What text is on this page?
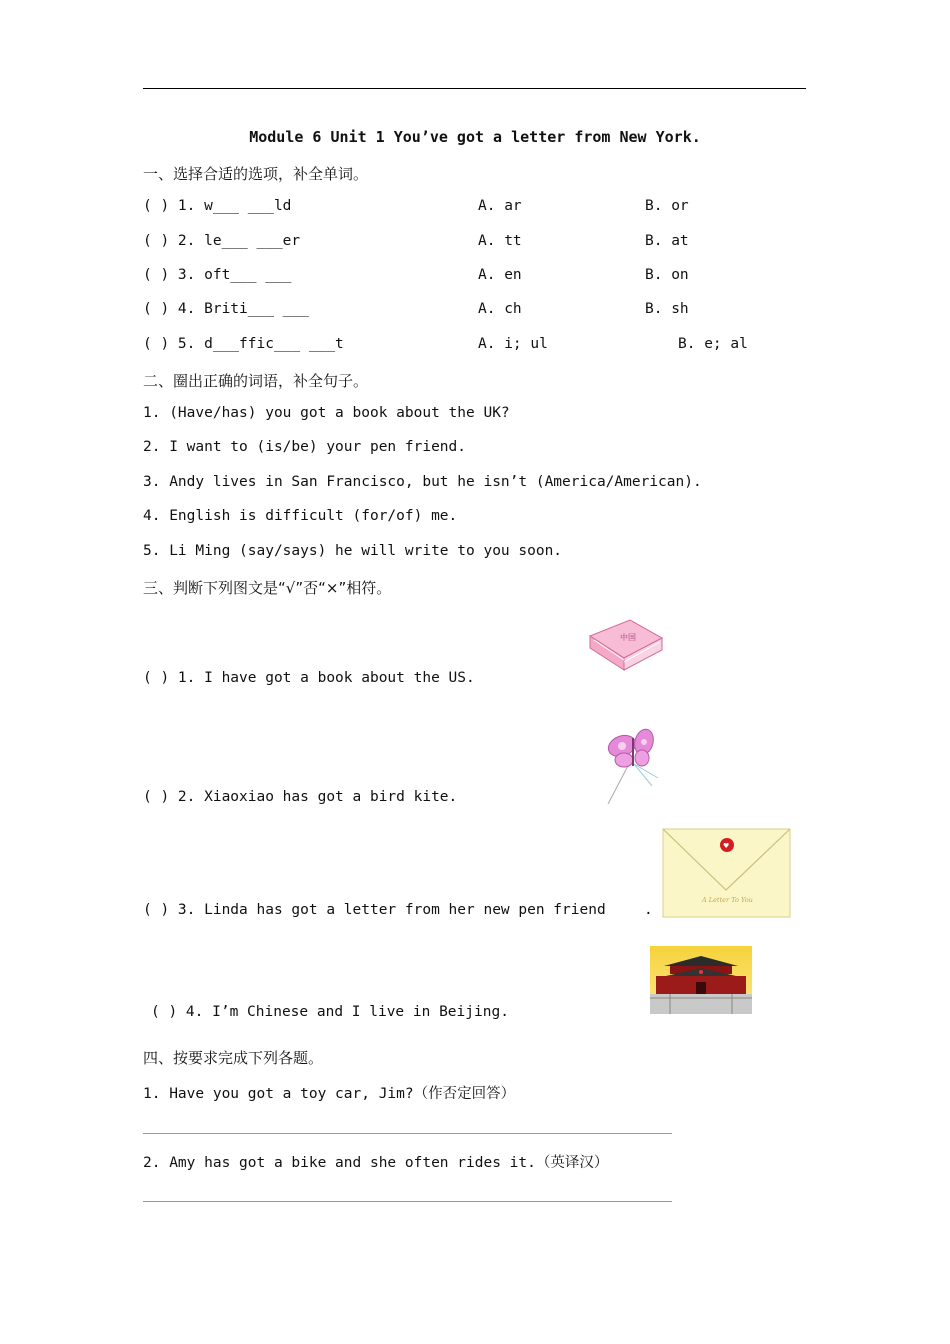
Module 6 Unit 1 You’ve got a letter from New York.
一、选择合适的选项，补全单词。
( ) 1. w___ ___ld	A. ar	B. or
( ) 2. le___ ___er	A. tt	B. at
( ) 3. oft___ ___	A. en	B. on
( ) 4. Briti___ ___	A. ch	B. sh
( ) 5. d___ffic___ ___t	A. i; ul	B. e; al
二、圈出正确的词语，补全句子。
1. (Have/has) you got a book about the UK?
2. I want to (is/be) your pen friend.
3. Andy lives in San Francisco, but he isn’t (America/American).
4. English is difficult (for/of) me.
5. Li Ming (say/says) he will write to you soon.
三、判断下列图文是“√”否“×”相符。
( ) 1. I have got a book about the US.
( ) 2. Xiaoxiao has got a bird kite.
( ) 3. Linda has got a letter from her new pen friend	.
( ) 4. I’m Chinese and I live in Beijing.
中国
♥
A Letter To You
四、按要求完成下列各题。
1. Have you got a toy car, Jim?（作否定回答）
2. Amy has got a bike and she often rides it.（英译汉）
